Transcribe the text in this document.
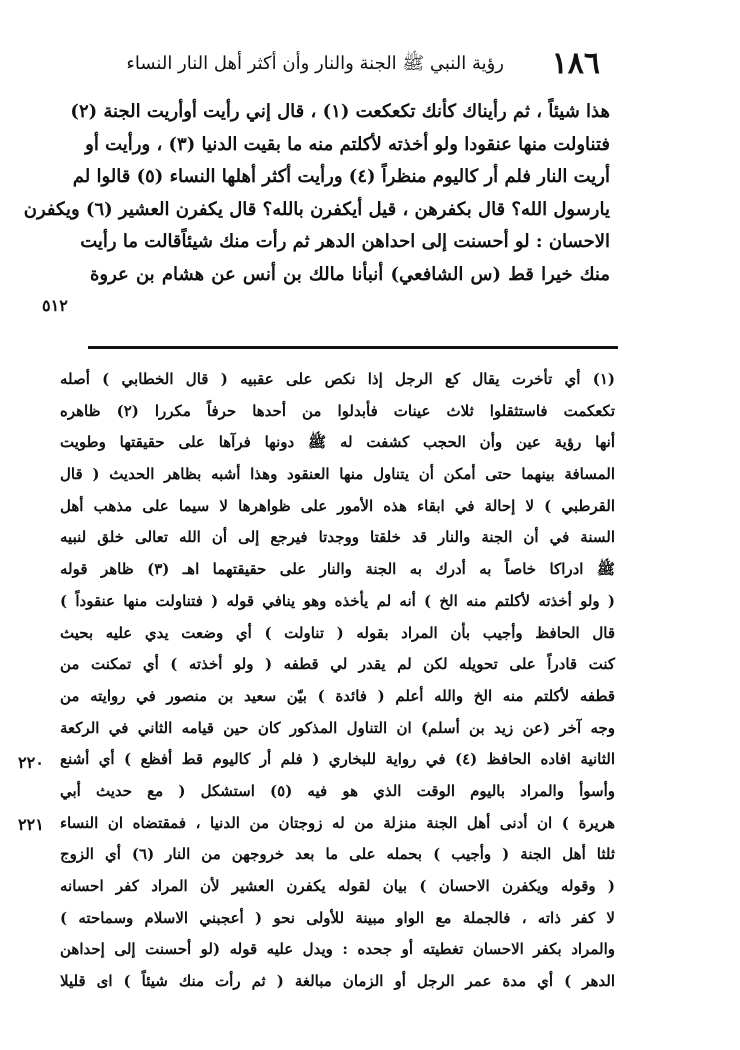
١٨٦
رؤية النبي ﷺ الجنة والنار وأن أكثر أهل النار النساء
هذا شيئاً ، ثم رأيناك كأنك تكعكعت (١) ، قال إني رأيت أوأريت الجنة (٢)
فتناولت منها عنقودا ولو أخذته لأكلتم منه ما بقيت الدنيا (٣) ، ورأيت أو
أريت النار فلم أر كاليوم منظراً (٤) ورأيت أكثر أهلها النساء (٥) قالوا لم
يارسول الله؟ قال بكفرهن ، قيل أيكفرن بالله؟ قال يكفرن العشير (٦) ويكفرن
الاحسان : لو أحسنت إلى احداهن الدهر ثم رأت منك شيئاًقالت ما رأيت
منك خيرا قط (س الشافعي) أنبأنا مالك بن أنس عن هشام بن عروة
٥١٢
(١) أي تأخرت يقال كع الرجل إذا نكص على عقبيه ( قال الخطابي ) أصله
تكعكمت فاستثقلوا ثلاث عينات فأبدلوا من أحدها حرفاً مكررا (٢) ظاهره
أنها رؤية عين وأن الحجب كشفت له ﷺ دونها فرآها على حقيقتها وطويت
المسافة بينهما حتى أمكن أن يتناول منها العنقود وهذا أشبه بظاهر الحديث ( قال
القرطبي ) لا إحالة في ابقاء هذه الأمور على ظواهرها لا سيما على مذهب أهل
السنة في أن الجنة والنار قد خلقتا ووجدتا فيرجع إلى أن الله تعالى خلق لنبيه
ﷺ ادراكا خاصاً به أدرك به الجنة والنار على حقيقتهما اهـ (٣) ظاهر قوله
( ولو أخذته لأكلتم منه الخ ) أنه لم يأخذه وهو ينافي قوله ( فتناولت منها عنقوداً )
قال الحافظ وأجيب بأن المراد بقوله ( تناولت ) أي وضعت يدي عليه بحيث
كنت قادراً على تحويله لكن لم يقدر لي قطفه ( ولو أخذته ) أي تمكنت من
قطفه لأكلتم منه الخ والله أعلم ( فائدة ) بيّن سعيد بن منصور في روايته من
وجه آخر (عن زيد بن أسلم) ان التناول المذكور كان حين قيامه الثاني في الركعة
الثانية افاده الحافظ (٤) في رواية للبخاري ( فلم أر كاليوم قط أفظع ) أي أشنع
وأسوأ والمراد باليوم الوقت الذي هو فيه (٥) استشكل ( مع حديث أبي
هريرة ) ان أدنى أهل الجنة منزلة من له زوجتان من الدنيا ، فمقتضاه ان النساء
ثلثا أهل الجنة ( وأجيب ) بحمله على ما بعد خروجهن من النار (٦) أي الزوج
( وقوله ويكفرن الاحسان ) بيان لقوله يكفرن العشير لأن المراد كفر احسانه
لا كفر ذاته ، فالجملة مع الواو مبينة للأولى نحو ( أعجبني الاسلام وسماحته )
والمراد بكفر الاحسان تغطيته أو جحده : ويدل عليه قوله (لو أحسنت إلى إحداهن
الدهر ) أي مدة عمر الرجل أو الزمان مبالغة ( ثم رأت منك شيئاً ) اى قليلا
٢٢٠
٢٢١
